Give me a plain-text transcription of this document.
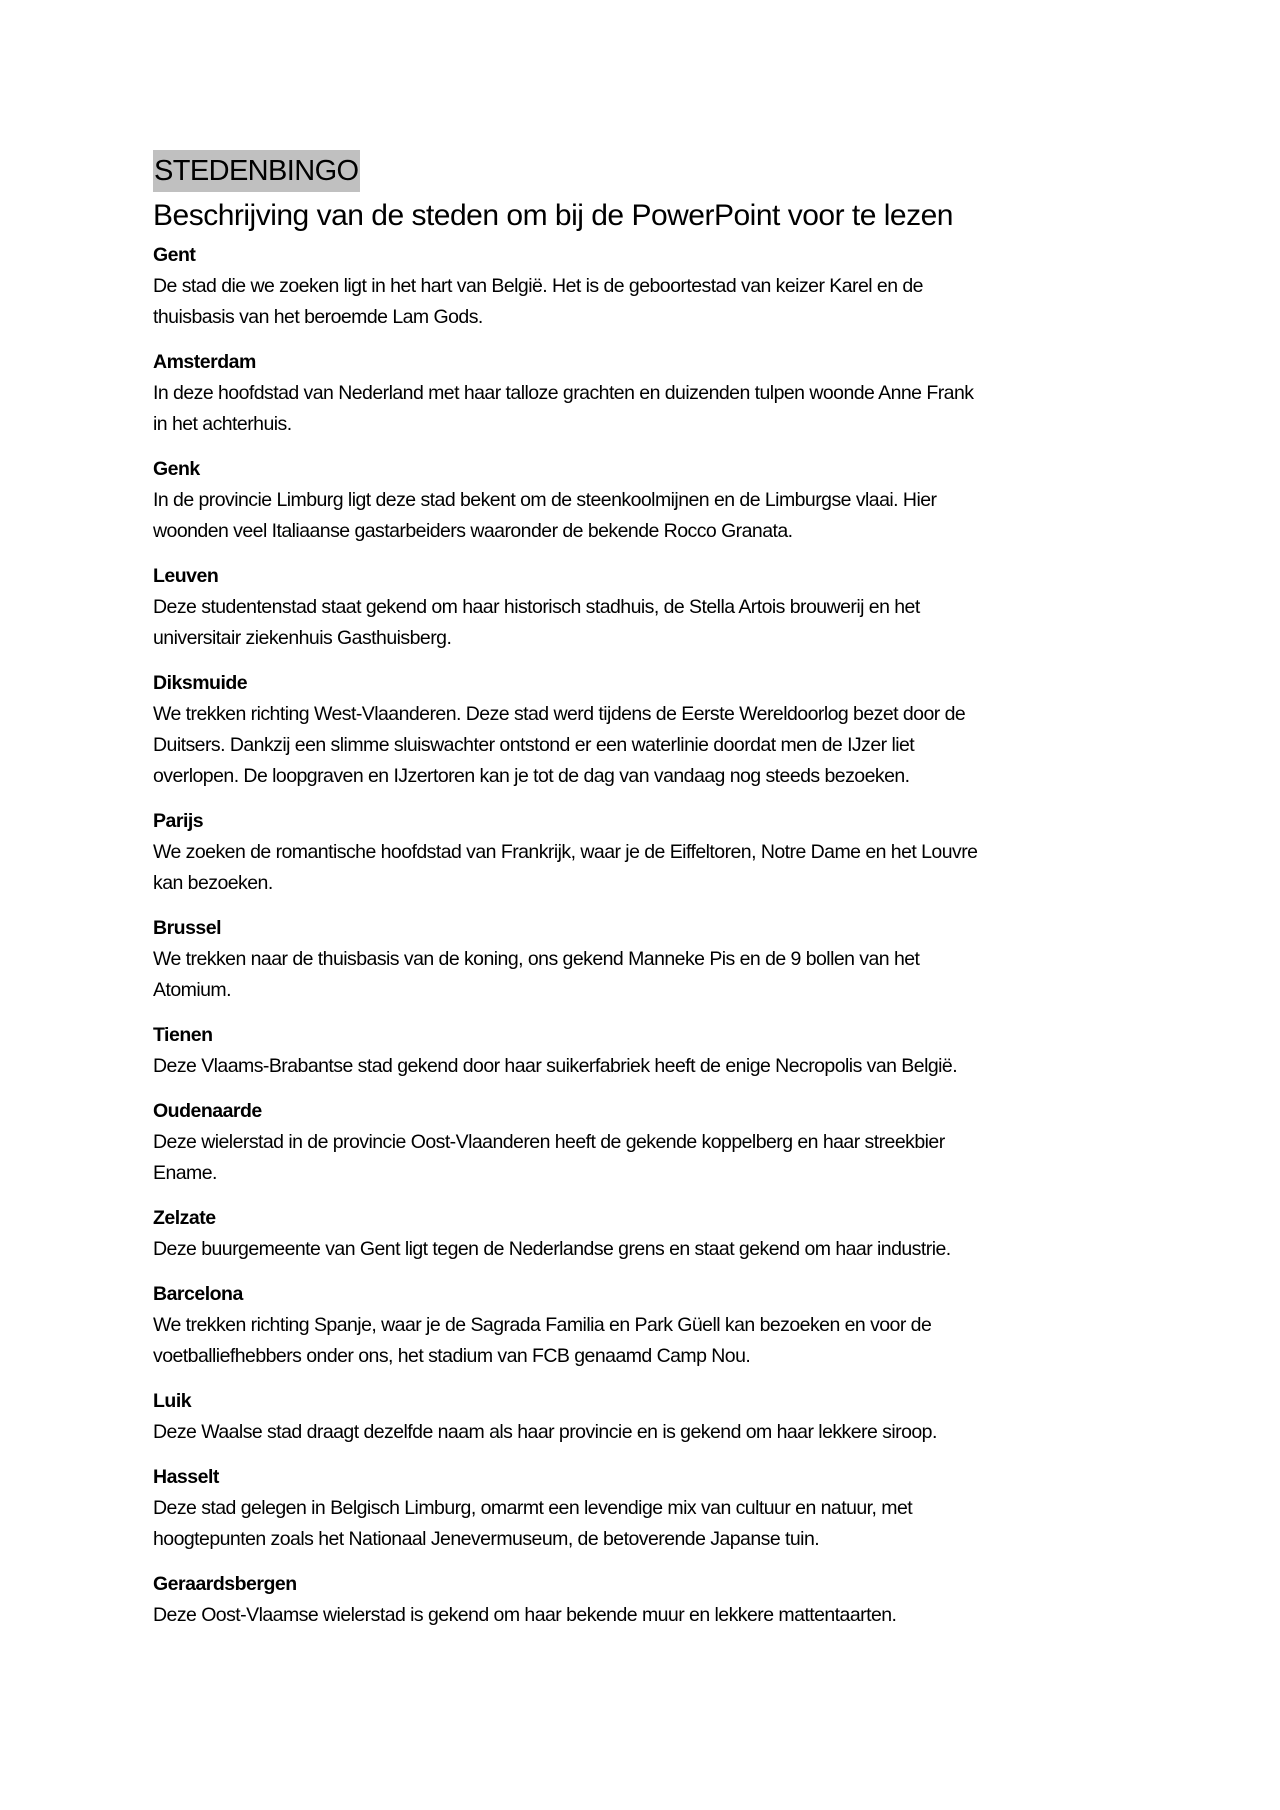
STEDENBINGO
Beschrijving van de steden om bij de PowerPoint voor te lezen
Gent
De stad die we zoeken ligt in het hart van België. Het is de geboortestad van keizer Karel en de
thuisbasis van het beroemde Lam Gods.
Amsterdam
In deze hoofdstad van Nederland met haar talloze grachten en duizenden tulpen woonde Anne Frank
in het achterhuis.
Genk
In de provincie Limburg ligt deze stad bekent om de steenkoolmijnen en de Limburgse vlaai. Hier
woonden veel Italiaanse gastarbeiders waaronder de bekende Rocco Granata.
Leuven
Deze studentenstad staat gekend om haar historisch stadhuis, de Stella Artois brouwerij en het
universitair ziekenhuis Gasthuisberg.
Diksmuide
We trekken richting West-Vlaanderen. Deze stad werd tijdens de Eerste Wereldoorlog bezet door de
Duitsers. Dankzij een slimme sluiswachter ontstond er een waterlinie doordat men de IJzer liet
overlopen. De loopgraven en IJzertoren kan je tot de dag van vandaag nog steeds bezoeken.
Parijs
We zoeken de romantische hoofdstad van Frankrijk, waar je de Eiffeltoren, Notre Dame en het Louvre
kan bezoeken.
Brussel
We trekken naar de thuisbasis van de koning, ons gekend Manneke Pis en de 9 bollen van het
Atomium.
Tienen
Deze Vlaams-Brabantse stad gekend door haar suikerfabriek heeft de enige Necropolis van België.
Oudenaarde
Deze wielerstad in de provincie Oost-Vlaanderen heeft de gekende koppelberg en haar streekbier
Ename.
Zelzate
Deze buurgemeente van Gent ligt tegen de Nederlandse grens en staat gekend om haar industrie.
Barcelona
We trekken richting Spanje, waar je de Sagrada Familia en Park Güell kan bezoeken en voor de
voetballiefhebbers onder ons, het stadium van FCB genaamd Camp Nou.
Luik
Deze Waalse stad draagt dezelfde naam als haar provincie en is gekend om haar lekkere siroop.
Hasselt
Deze stad gelegen in Belgisch Limburg, omarmt een levendige mix van cultuur en natuur, met
hoogtepunten zoals het Nationaal Jenevermuseum, de betoverende Japanse tuin.
Geraardsbergen
Deze Oost-Vlaamse wielerstad is gekend om haar bekende muur en lekkere mattentaarten.
